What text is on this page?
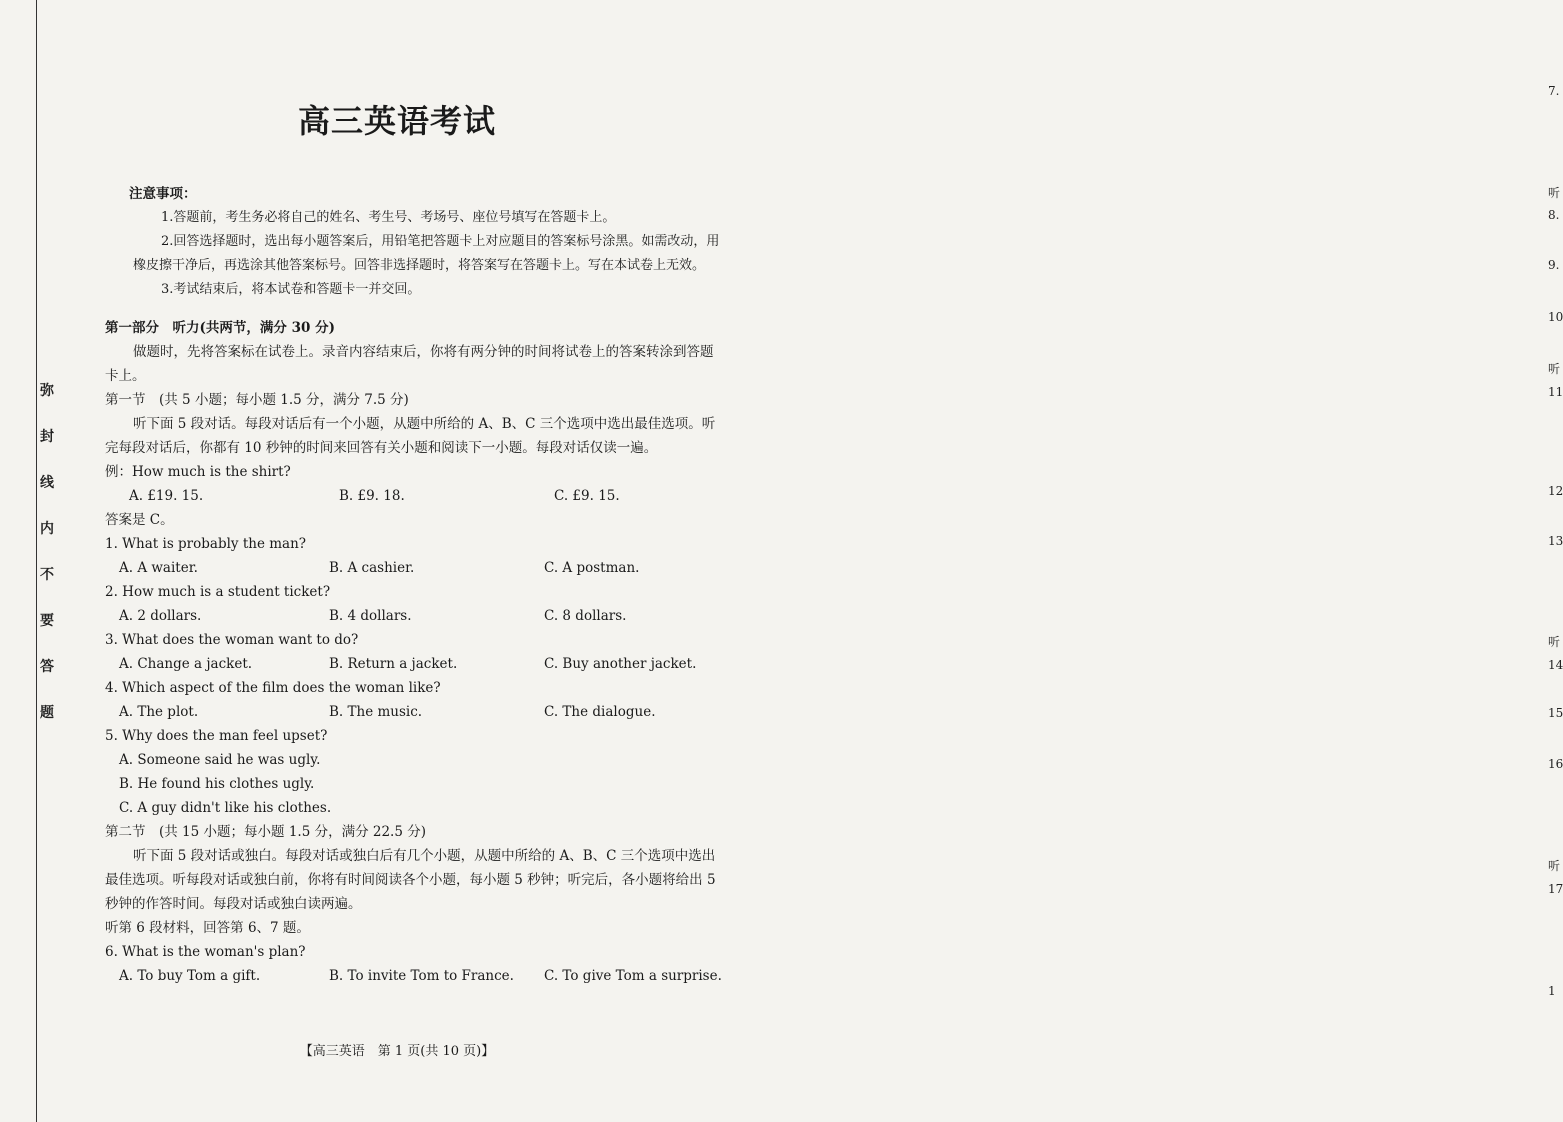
弥
封
线
内
不
要
答
题
高三英语考试
注意事项：

1.答题前，考生务必将自己的姓名、考生号、考场号、座位号填写在答题卡上。

2.回答选择题时，选出每小题答案后，用铅笔把答题卡上对应题目的答案标号涂黑。如需改动，用橡皮擦干净后，再选涂其他答案标号。回答非选择题时，将答案写在答题卡上。写在本试卷上无效。

3.考试结束后，将本试卷和答题卡一并交回。

第一部分　听力(共两节，满分 30 分)

做题时，先将答案标在试卷上。录音内容结束后，你将有两分钟的时间将试卷上的答案转涂到答题卡上。

第一节　(共 5 小题；每小题 1.5 分，满分 7.5 分)

听下面 5 段对话。每段对话后有一个小题，从题中所给的 A、B、C 三个选项中选出最佳选项。听完每段对话后，你都有 10 秒钟的时间来回答有关小题和阅读下一小题。每段对话仅读一遍。

例：How much is the shirt?

A. £19. 15.	B. £9. 18.	C. £9. 15.

答案是 C。

1. What is probably the man?

A. A waiter.	B. A cashier.	C. A postman.

2. How much is a student ticket?

A. 2 dollars.	B. 4 dollars.	C. 8 dollars.

3. What does the woman want to do?

A. Change a jacket.	B. Return a jacket.	C. Buy another jacket.

4. Which aspect of the film does the woman like?

A. The plot.	B. The music.	C. The dialogue.

5. Why does the man feel upset?

A. Someone said he was ugly.

B. He found his clothes ugly.

C. A guy didn't like his clothes.

第二节　(共 15 小题；每小题 1.5 分，满分 22.5 分)

听下面 5 段对话或独白。每段对话或独白后有几个小题，从题中所给的 A、B、C 三个选项中选出最佳选项。听每段对话或独白前，你将有时间阅读各个小题，每小题 5 秒钟；听完后，各小题将给出 5 秒钟的作答时间。每段对话或独白读两遍。

听第 6 段材料，回答第 6、7 题。

6. What is the woman's plan?

A. To buy Tom a gift.	B. To invite Tom to France.	C. To give Tom a surprise.
【高三英语　第 1 页(共 10 页)】
7.
听
8.
9.
10
听
11
12
13
听
14
15
16
听
17
1
